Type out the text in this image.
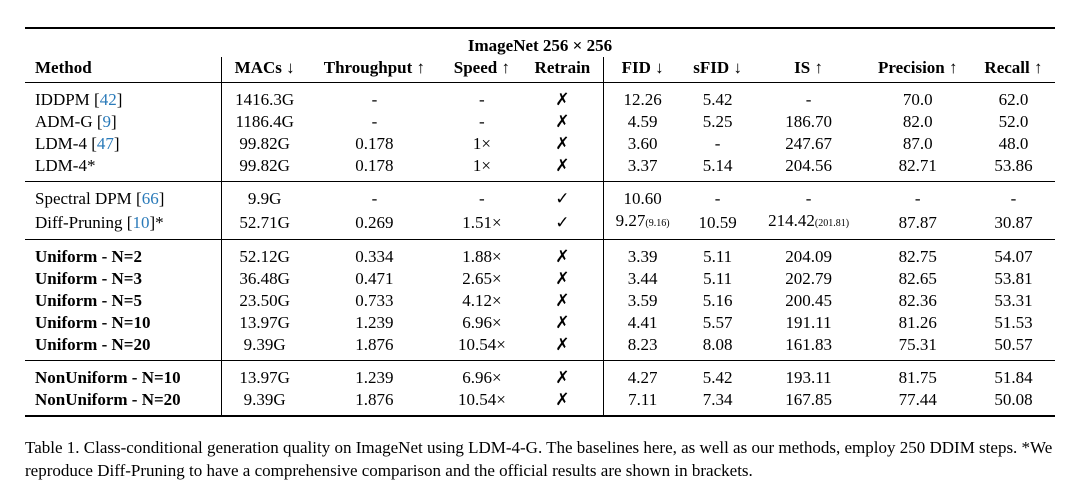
ImageNet 256 × 256									
Method	MACs ↓	Throughput ↑	Speed ↑	Retrain	FID ↓	sFID ↓	IS ↑	Precision ↑	Recall ↑

IDDPM [42]	1416.3G	-	-	✗	12.26	5.42	-	70.0	62.0
ADM-G [9]	1186.4G	-	-	✗	4.59	5.25	186.70	82.0	52.0
LDM-4 [47]	99.82G	0.178	1×	✗	3.60	-	247.67	87.0	48.0
LDM-4*	99.82G	0.178	1×	✗	3.37	5.14	204.56	82.71	53.86

Spectral DPM [66]	9.9G	-	-	✓	10.60	-	-	-	-
Diff-Pruning [10]*	52.71G	0.269	1.51×	✓	9.27(9.16)	10.59	214.42(201.81)	87.87	30.87

Uniform - N=2	52.12G	0.334	1.88×	✗	3.39	5.11	204.09	82.75	54.07
Uniform - N=3	36.48G	0.471	2.65×	✗	3.44	5.11	202.79	82.65	53.81
Uniform - N=5	23.50G	0.733	4.12×	✗	3.59	5.16	200.45	82.36	53.31
Uniform - N=10	13.97G	1.239	6.96×	✗	4.41	5.57	191.11	81.26	51.53
Uniform - N=20	9.39G	1.876	10.54×	✗	8.23	8.08	161.83	75.31	50.57

NonUniform - N=10	13.97G	1.239	6.96×	✗	4.27	5.42	193.11	81.75	51.84
NonUniform - N=20	9.39G	1.876	10.54×	✗	7.11	7.34	167.85	77.44	50.08

Table 1. Class-conditional generation quality on ImageNet using LDM-4-G. The baselines here, as well as our methods, employ 250 DDIM steps. *We reproduce Diff-Pruning to have a comprehensive comparison and the official results are shown in brackets.
